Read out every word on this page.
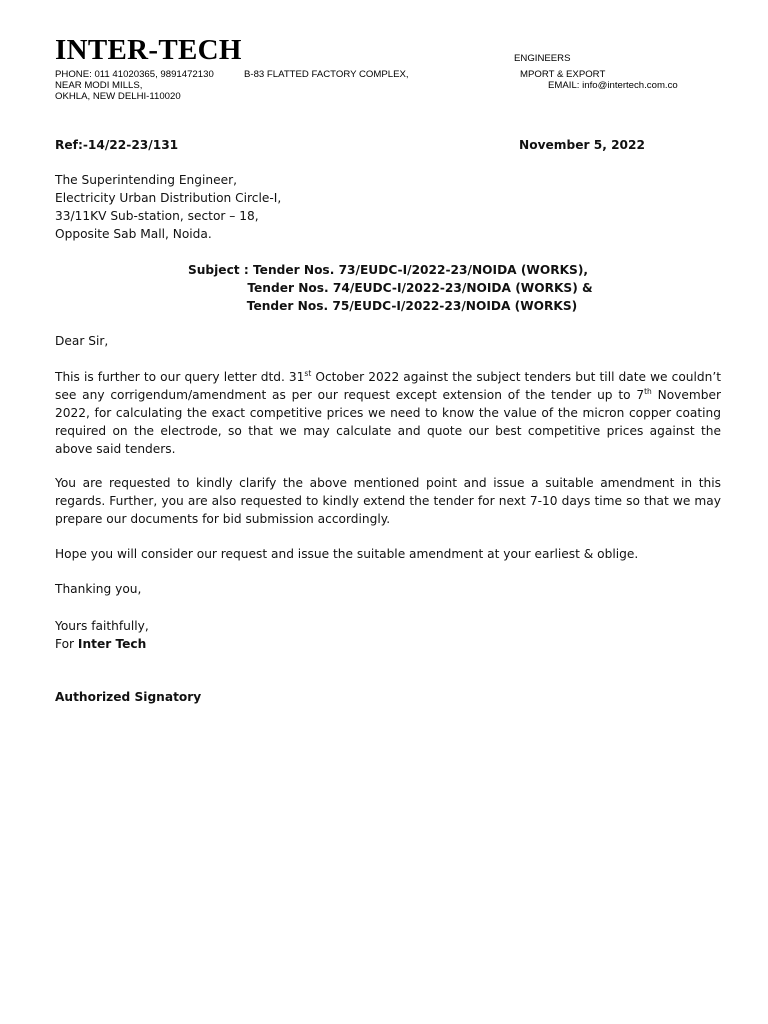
INTER-TECH	ENGINEERS
PHONE: 011 41020365, 9891472130	B-83 FLATTED FACTORY COMPLEX,	MPORT & EXPORT
NEAR MODI MILLS,	EMAIL: info@intertech.com.co
OKHLA, NEW DELHI-110020
Ref:-14/22-23/131	November 5, 2022
The Superintending Engineer,
Electricity Urban Distribution Circle-I,
33/11KV Sub-station, sector – 18,
Opposite Sab Mall, Noida.
Subject : Tender Nos. 73/EUDC-I/2022-23/NOIDA (WORKS),
Tender Nos. 74/EUDC-I/2022-23/NOIDA (WORKS) &
Tender Nos. 75/EUDC-I/2022-23/NOIDA (WORKS)
Dear Sir,

This is further to our query letter dtd. 31st October 2022 against the subject tenders but till date we couldn’t see any corrigendum/amendment as per our request except extension of the tender up to 7th November 2022, for calculating the exact competitive prices we need to know the value of the micron copper coating required on the electrode, so that we may calculate and quote our best competitive prices against the above said tenders.

You are requested to kindly clarify the above mentioned point and issue a suitable amendment in this regards. Further, you are also requested to kindly extend the tender for next 7-10 days time so that we may prepare our documents for bid submission accordingly.

Hope you will consider our request and issue the suitable amendment at your earliest & oblige.

Thanking you,
Yours faithfully,
For Inter Tech
Authorized Signatory
